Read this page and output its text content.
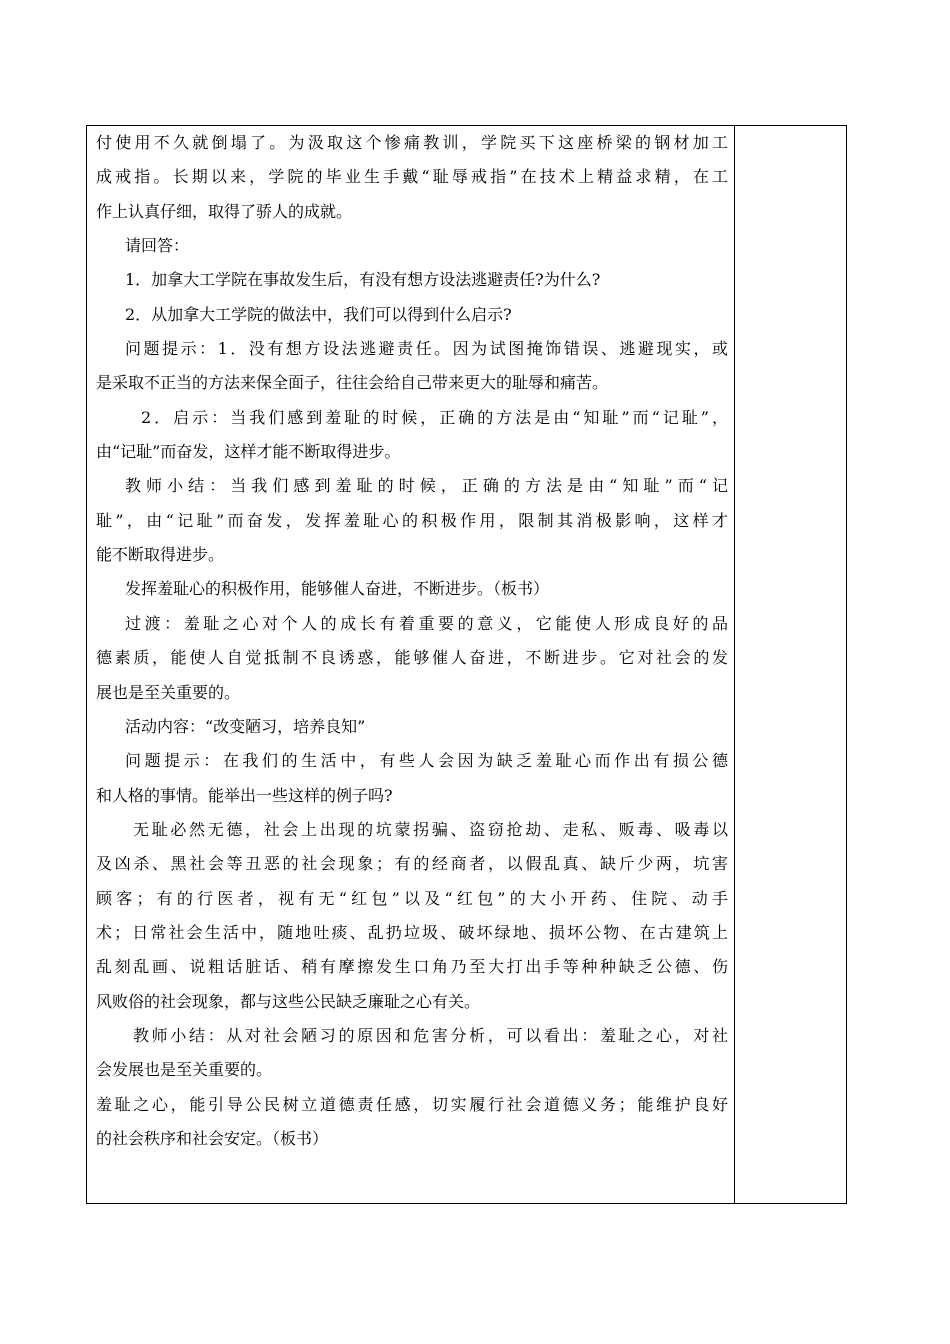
付使用不久就倒塌了。为汲取这个惨痛教训，学院买下这座桥梁的钢材加工
成戒指。长期以来，学院的毕业生手戴“耻辱戒指”在技术上精益求精，在工
作上认真仔细，取得了骄人的成就。
请回答：
1．加拿大工学院在事故发生后，有没有想方设法逃避责任?为什么?
2．从加拿大工学院的做法中，我们可以得到什么启示?
问题提示：1．没有想方设法逃避责任。因为试图掩饰错误、逃避现实，或
是采取不正当的方法来保全面子，往往会给自己带来更大的耻辱和痛苦。
2．启示：当我们感到羞耻的时候，正确的方法是由“知耻”而“记耻”，
由“记耻”而奋发，这样才能不断取得进步。
教师小结：当我们感到羞耻的时候，正确的方法是由“知耻”而“记
耻”，由“记耻”而奋发，发挥羞耻心的积极作用，限制其消极影响，这样才
能不断取得进步。
发挥羞耻心的积极作用，能够催人奋进，不断进步。（板书）
过渡：羞耻之心对个人的成长有着重要的意义，它能使人形成良好的品
德素质，能使人自觉抵制不良诱惑，能够催人奋进，不断进步。它对社会的发
展也是至关重要的。
活动内容：“改变陋习，培养良知”
问题提示：在我们的生活中，有些人会因为缺乏羞耻心而作出有损公德
和人格的事情。能举出一些这样的例子吗?
无耻必然无德，社会上出现的坑蒙拐骗、盗窃抢劫、走私、贩毒、吸毒以
及凶杀、黑社会等丑恶的社会现象；有的经商者，以假乱真、缺斤少两，坑害
顾客；有的行医者，视有无“红包”以及“红包”的大小开药、住院、动手
术；日常社会生活中，随地吐痰、乱扔垃圾、破坏绿地、损坏公物、在古建筑上
乱刻乱画、说粗话脏话、稍有摩擦发生口角乃至大打出手等种种缺乏公德、伤
风败俗的社会现象，都与这些公民缺乏廉耻之心有关。
教师小结：从对社会陋习的原因和危害分析，可以看出：羞耻之心，对社
会发展也是至关重要的。
羞耻之心，能引导公民树立道德责任感，切实履行社会道德义务；能维护良好
的社会秩序和社会安定。（板书）
